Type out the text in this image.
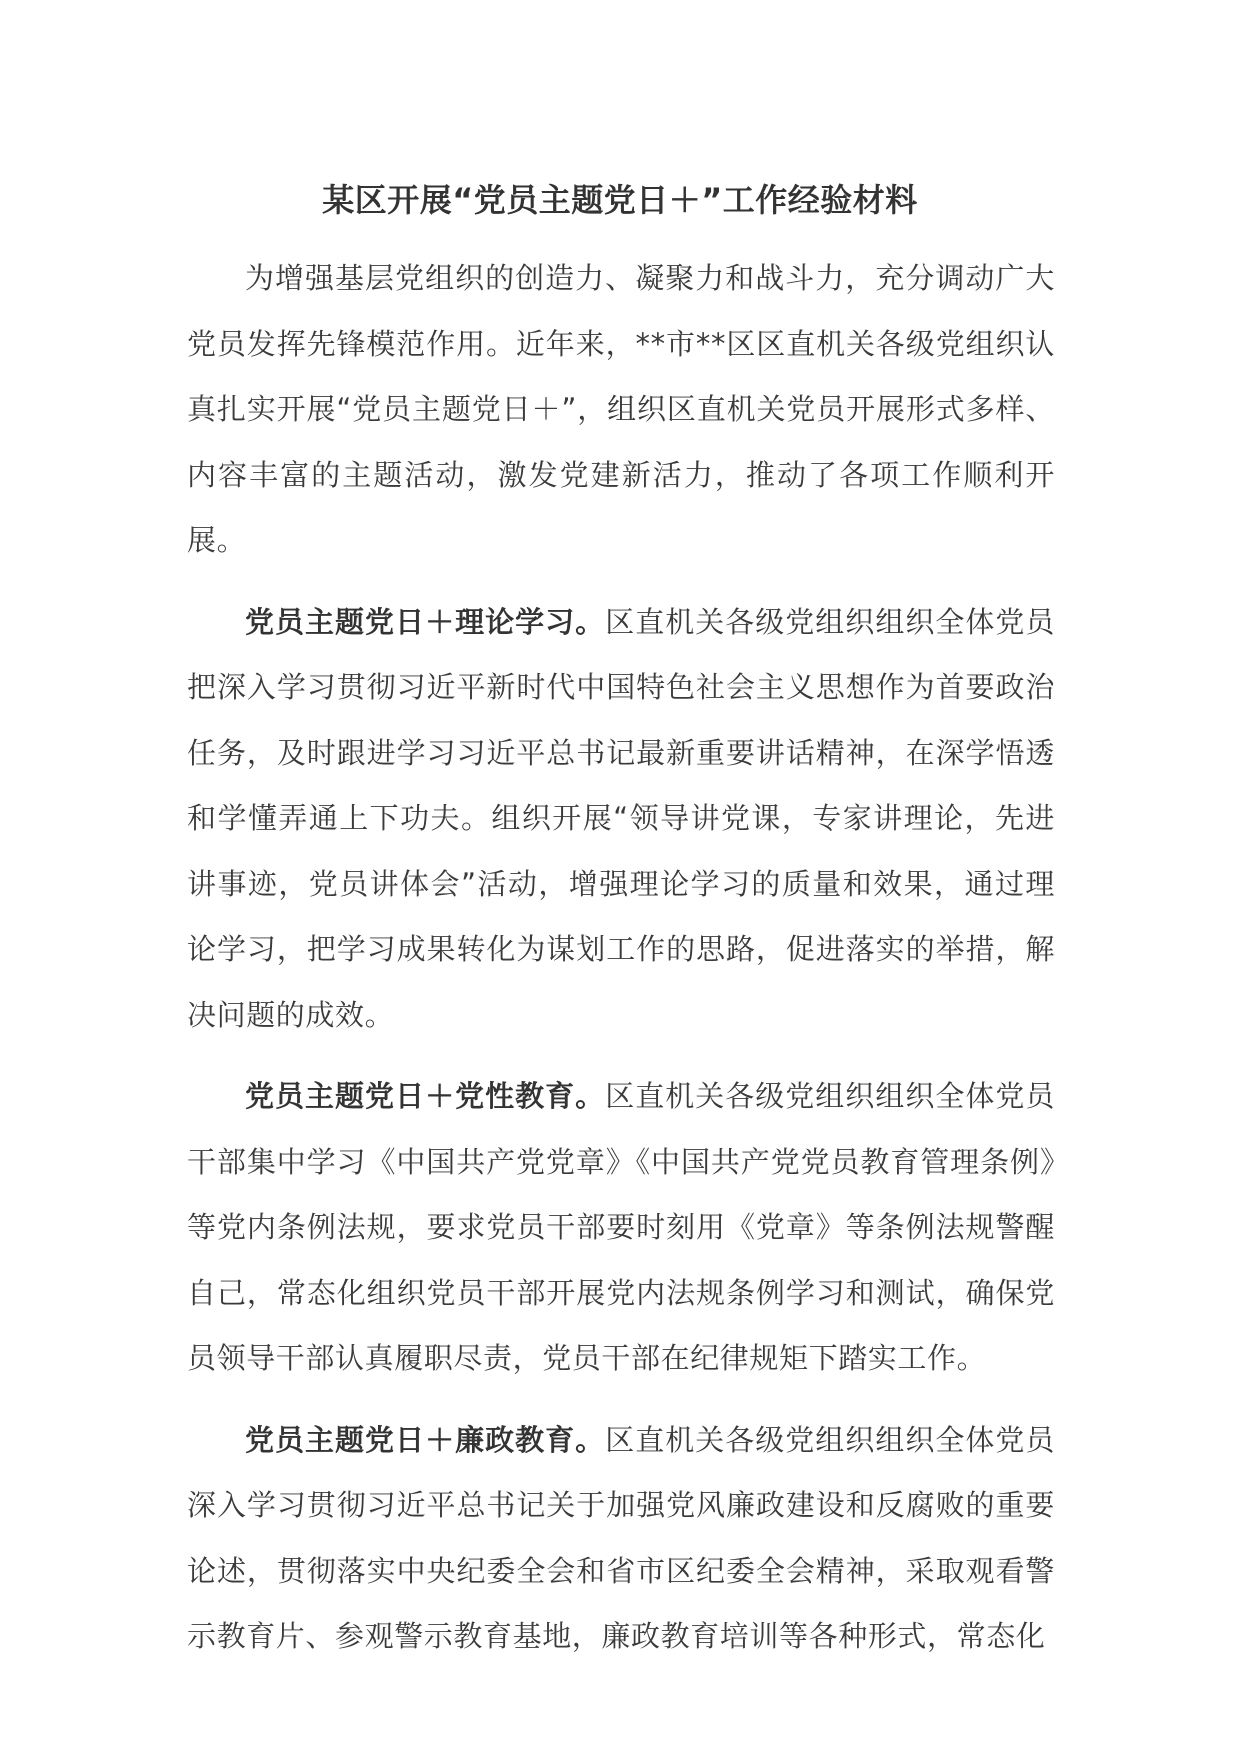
某区开展“党员主题党日＋”工作经验材料

为增强基层党组织的创造力、凝聚力和战斗力，充分调动广大党员发挥先锋模范作用。近年来，**市**区区直机关各级党组织认真扎实开展“党员主题党日＋”，组织区直机关党员开展形式多样、内容丰富的主题活动，激发党建新活力，推动了各项工作顺利开展。

党员主题党日＋理论学习。区直机关各级党组织组织全体党员把深入学习贯彻习近平新时代中国特色社会主义思想作为首要政治任务，及时跟进学习习近平总书记最新重要讲话精神，在深学悟透和学懂弄通上下功夫。组织开展“领导讲党课，专家讲理论，先进讲事迹，党员讲体会”活动，增强理论学习的质量和效果，通过理论学习，把学习成果转化为谋划工作的思路，促进落实的举措，解决问题的成效。

党员主题党日＋党性教育。区直机关各级党组织组织全体党员干部集中学习《中国共产党党章》《中国共产党党员教育管理条例》等党内条例法规，要求党员干部要时刻用《党章》等条例法规警醒自己，常态化组织党员干部开展党内法规条例学习和测试，确保党员领导干部认真履职尽责，党员干部在纪律规矩下踏实工作。

党员主题党日＋廉政教育。区直机关各级党组织组织全体党员深入学习贯彻习近平总书记关于加强党风廉政建设和反腐败的重要论述，贯彻落实中央纪委全会和省市区纪委全会精神，采取观看警示教育片、参观警示教育基地，廉政教育培训等各种形式，常态化
